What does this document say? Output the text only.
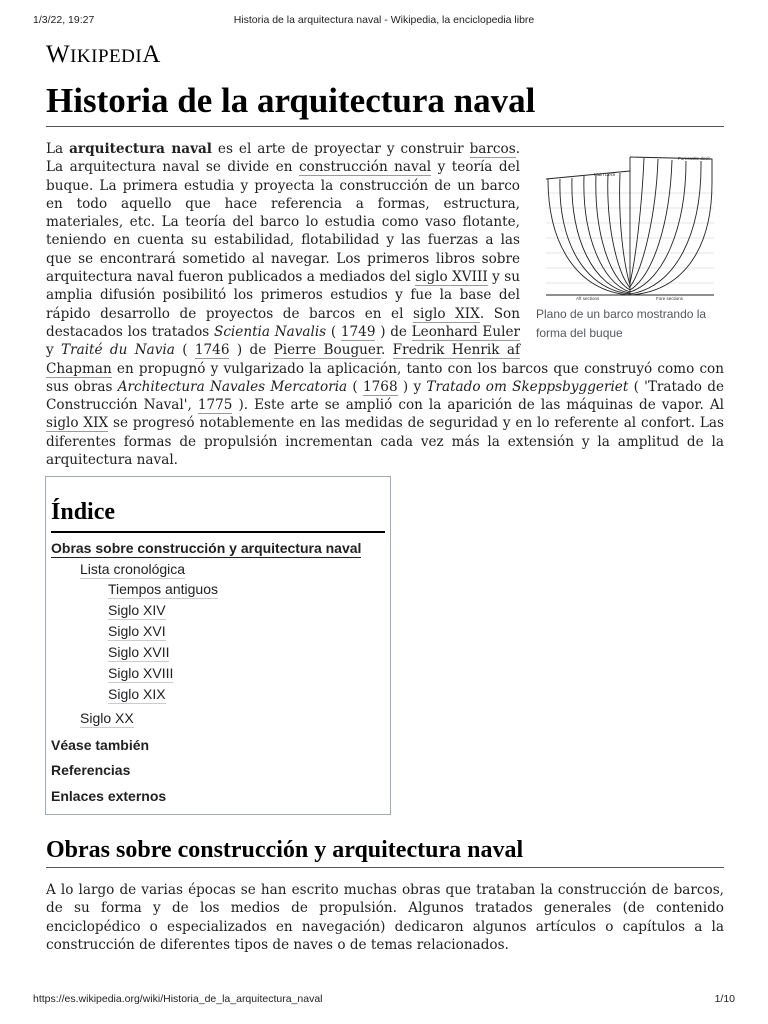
1/3/22, 19:27	Historia de la arquitectura naval - Wikipedia, la enciclopedia libre
WIKIPEDIA
Historia de la arquitectura naval
Forecastle deck
Main Deck
Aft sections	Fore sections
Plano de un barco mostrando la forma del buque

La arquitectura naval es el arte de proyectar y construir barcos. La arquitectura naval se divide en construcción naval y teoría del buque. La primera estudia y proyecta la construcción de un barco en todo aquello que hace referencia a formas, estructura, materiales, etc. La teoría del barco lo estudia como vaso flotante, teniendo en cuenta su estabilidad, flotabilidad y las fuerzas a las que se encontrará sometido al navegar. Los primeros libros sobre arquitectura naval fueron publicados a mediados del siglo XVIII y su amplia difusión posibilitó los primeros estudios y fue la base del rápido desarrollo de proyectos de barcos en el siglo XIX. Son destacados los tratados Scientia Navalis ( 1749 ) de Leonhard Euler y Traité du Navia ( 1746 ) de Pierre Bouguer. Fredrik Henrik af Chapman en propugnó y vulgarizado la aplicación, tanto con los barcos que construyó como con sus obras Architectura Navales Mercatoria ( 1768 ) y Tratado om Skeppsbyggeriet ( 'Tratado de Construcción Naval', 1775 ). Este arte se amplió con la aparición de las máquinas de vapor. Al siglo XIX se progresó notablemente en las medidas de seguridad y en lo referente al confort. Las diferentes formas de propulsión incrementan cada vez más la extensión y la amplitud de la arquitectura naval.

Índice
Obras sobre construcción y arquitectura naval
Lista cronológica
Tiempos antiguos
Siglo XIV
Siglo XVI
Siglo XVII
Siglo XVIII
Siglo XIX
Siglo XX
Véase también
Referencias
Enlaces externos
Obras sobre construcción y arquitectura naval

A lo largo de varias épocas se han escrito muchas obras que trataban la construcción de barcos, de su forma y de los medios de propulsión. Algunos tratados generales (de contenido enciclopédico o especializados en navegación) dedicaron algunos artículos o capítulos a la construcción de diferentes tipos de naves o de temas relacionados.

https://es.wikipedia.org/wiki/Historia_de_la_arquitectura_naval	1/10
